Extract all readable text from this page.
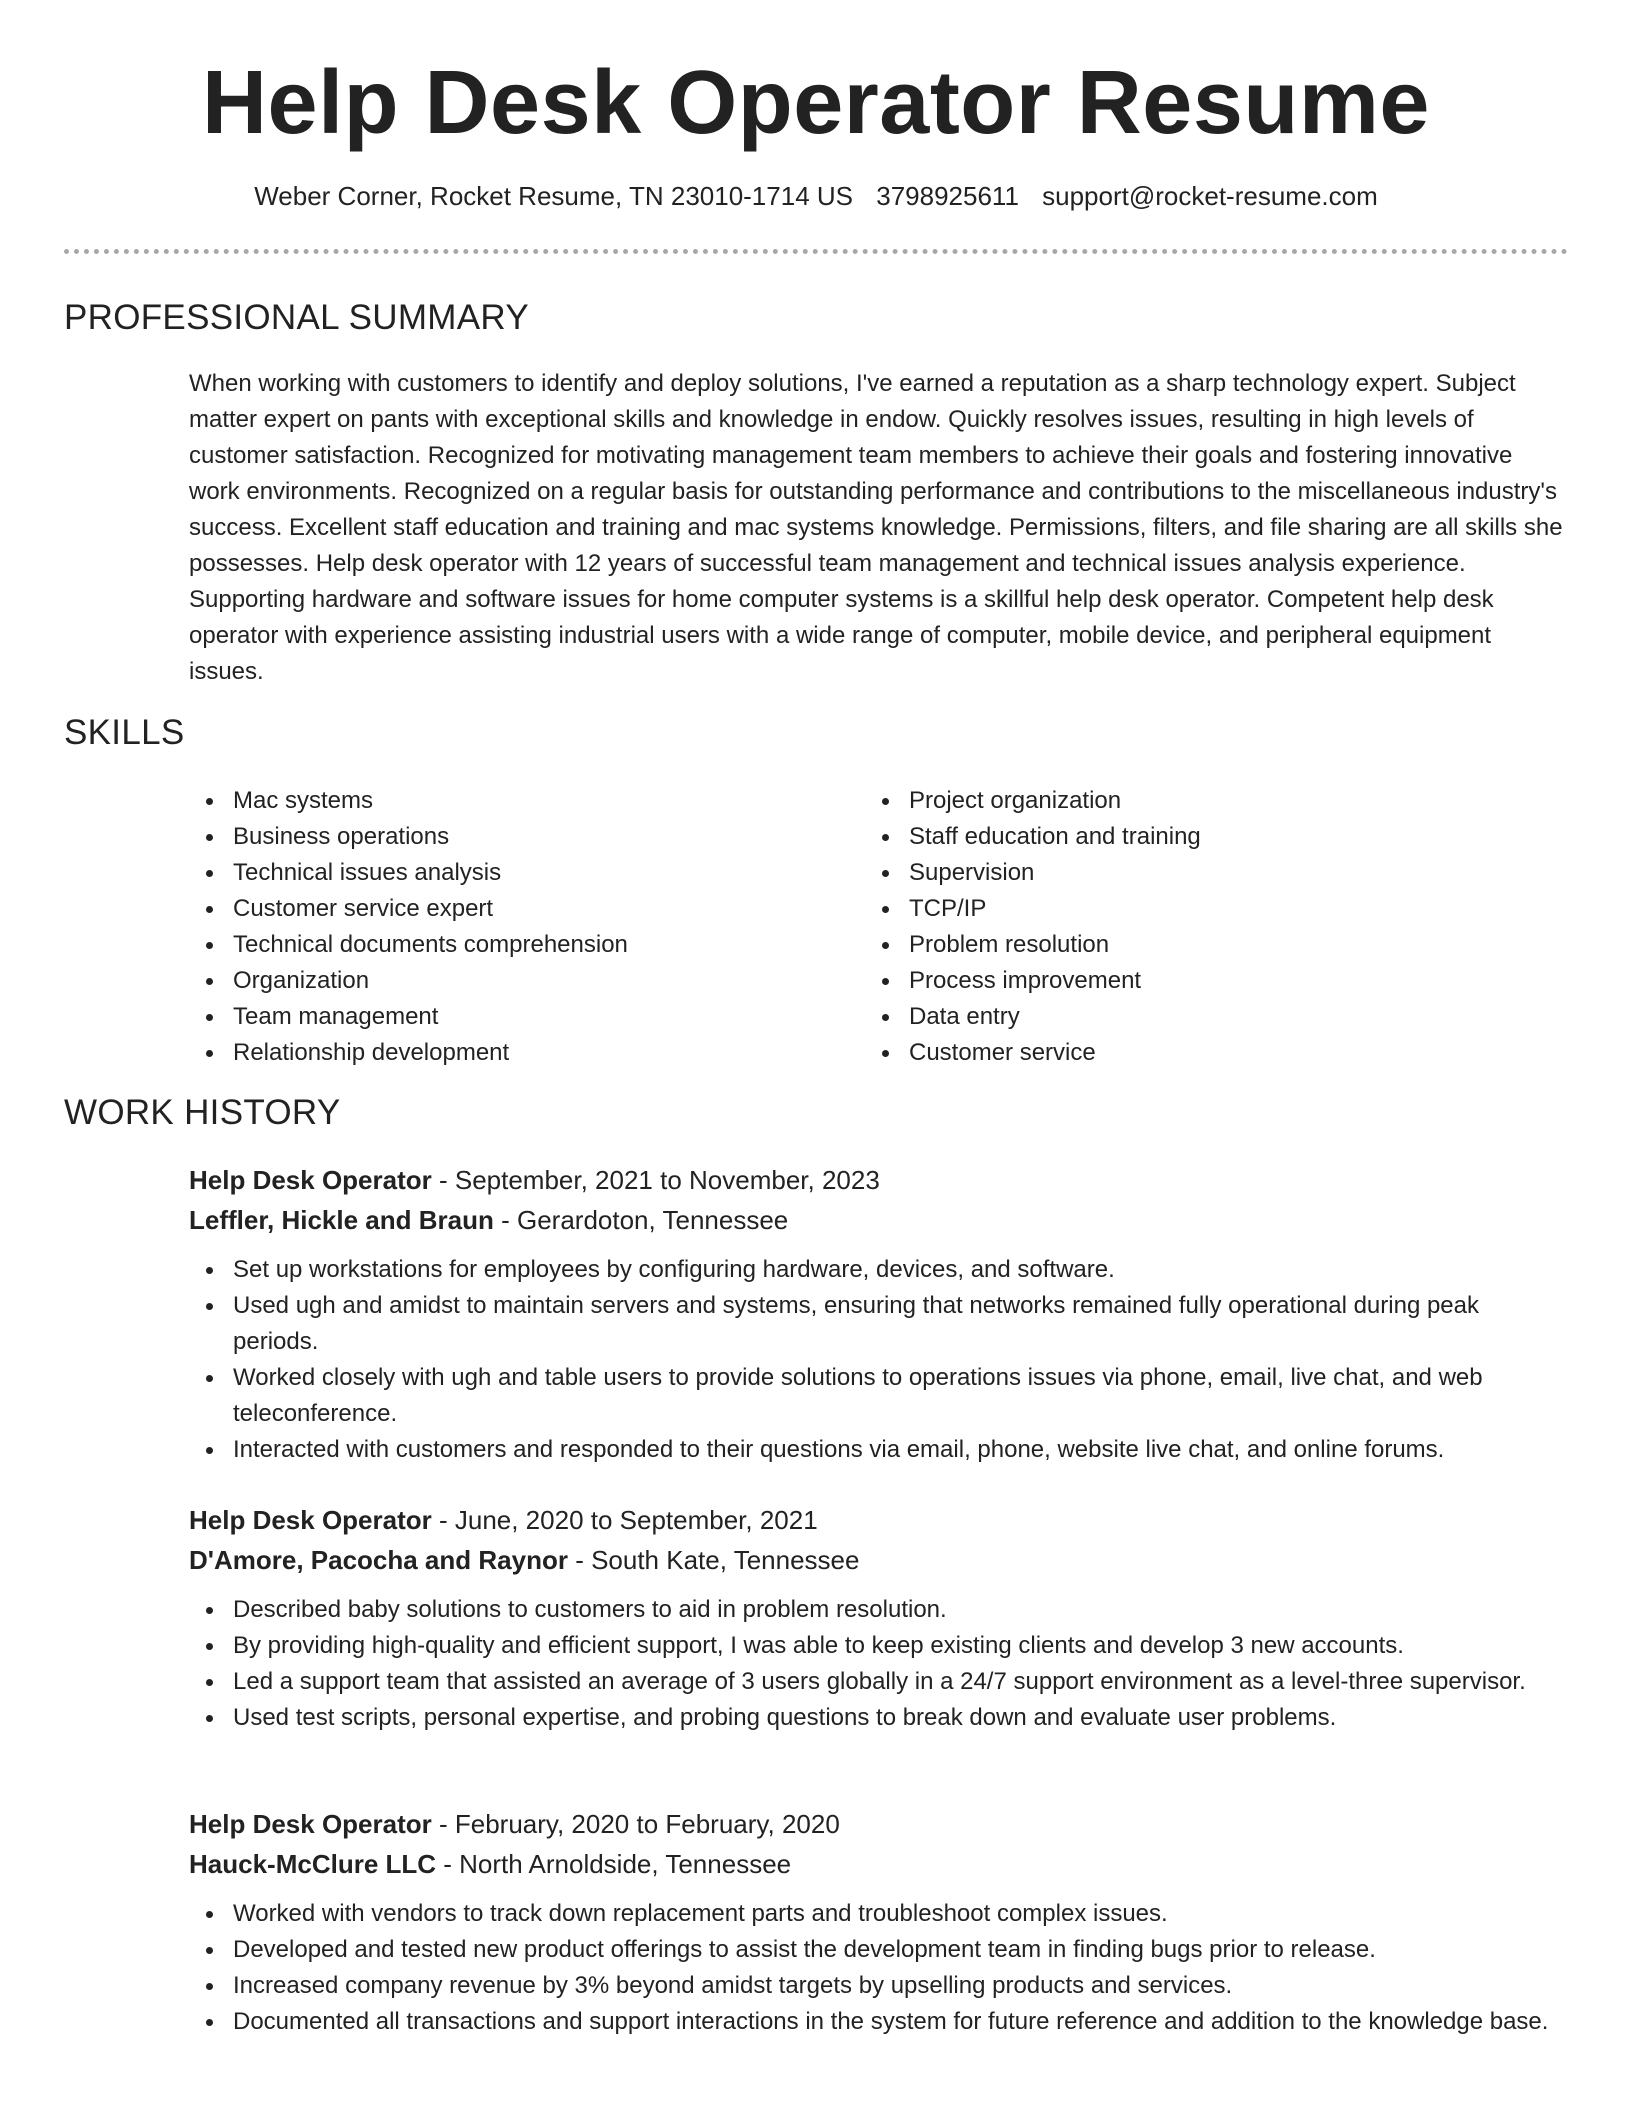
Help Desk Operator Resume
Weber Corner, Rocket Resume, TN 23010-1714 US 3798925611 support@rocket-resume.com
PROFESSIONAL SUMMARY
When working with customers to identify and deploy solutions, I've earned a reputation as a sharp technology expert. Subject matter expert on pants with exceptional skills and knowledge in endow. Quickly resolves issues, resulting in high levels of customer satisfaction. Recognized for motivating management team members to achieve their goals and fostering innovative work environments. Recognized on a regular basis for outstanding performance and contributions to the miscellaneous industry's success. Excellent staff education and training and mac systems knowledge. Permissions, filters, and file sharing are all skills she possesses. Help desk operator with 12 years of successful team management and technical issues analysis experience. Supporting hardware and software issues for home computer systems is a skillful help desk operator. Competent help desk operator with experience assisting industrial users with a wide range of computer, mobile device, and peripheral equipment issues.
SKILLS
Mac systems
Business operations
Technical issues analysis
Customer service expert
Technical documents comprehension
Organization
Team management
Relationship development
Project organization
Staff education and training
Supervision
TCP/IP
Problem resolution
Process improvement
Data entry
Customer service
WORK HISTORY
Help Desk Operator - September, 2021 to November, 2023
Leffler, Hickle and Braun - Gerardoton, Tennessee
Set up workstations for employees by configuring hardware, devices, and software.
Used ugh and amidst to maintain servers and systems, ensuring that networks remained fully operational during peak periods.
Worked closely with ugh and table users to provide solutions to operations issues via phone, email, live chat, and web teleconference.
Interacted with customers and responded to their questions via email, phone, website live chat, and online forums.
Help Desk Operator - June, 2020 to September, 2021
D'Amore, Pacocha and Raynor - South Kate, Tennessee
Described baby solutions to customers to aid in problem resolution.
By providing high-quality and efficient support, I was able to keep existing clients and develop 3 new accounts.
Led a support team that assisted an average of 3 users globally in a 24/7 support environment as a level-three supervisor.
Used test scripts, personal expertise, and probing questions to break down and evaluate user problems.
Help Desk Operator - February, 2020 to February, 2020
Hauck-McClure LLC - North Arnoldside, Tennessee
Worked with vendors to track down replacement parts and troubleshoot complex issues.
Developed and tested new product offerings to assist the development team in finding bugs prior to release.
Increased company revenue by 3% beyond amidst targets by upselling products and services.
Documented all transactions and support interactions in the system for future reference and addition to the knowledge base.
